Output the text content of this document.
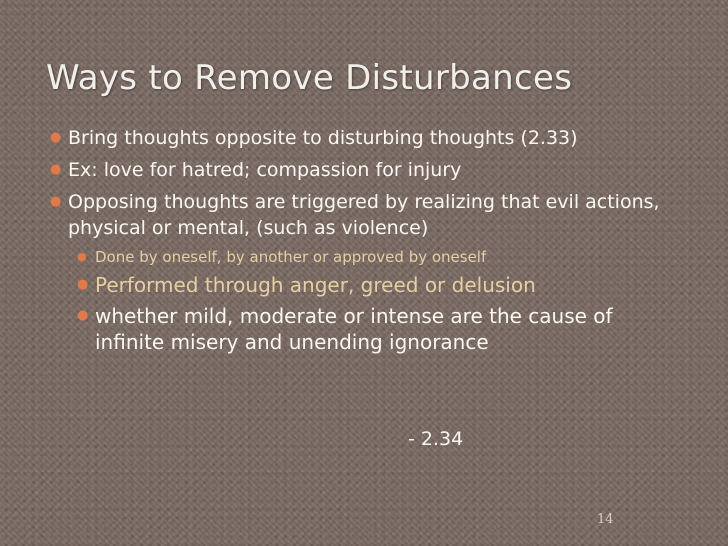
Ways to Remove Disturbances
● Bring thoughts opposite to disturbing thoughts (2.33)
● Ex: love for hatred; compassion for injury
● Opposing thoughts are triggered by realizing that evil actions, physical or mental, (such as violence)
● Done by oneself, by another or approved by oneself
● Performed through anger, greed or delusion
● whether mild, moderate or intense are the cause of infinite misery and unending ignorance
- 2.34
14
